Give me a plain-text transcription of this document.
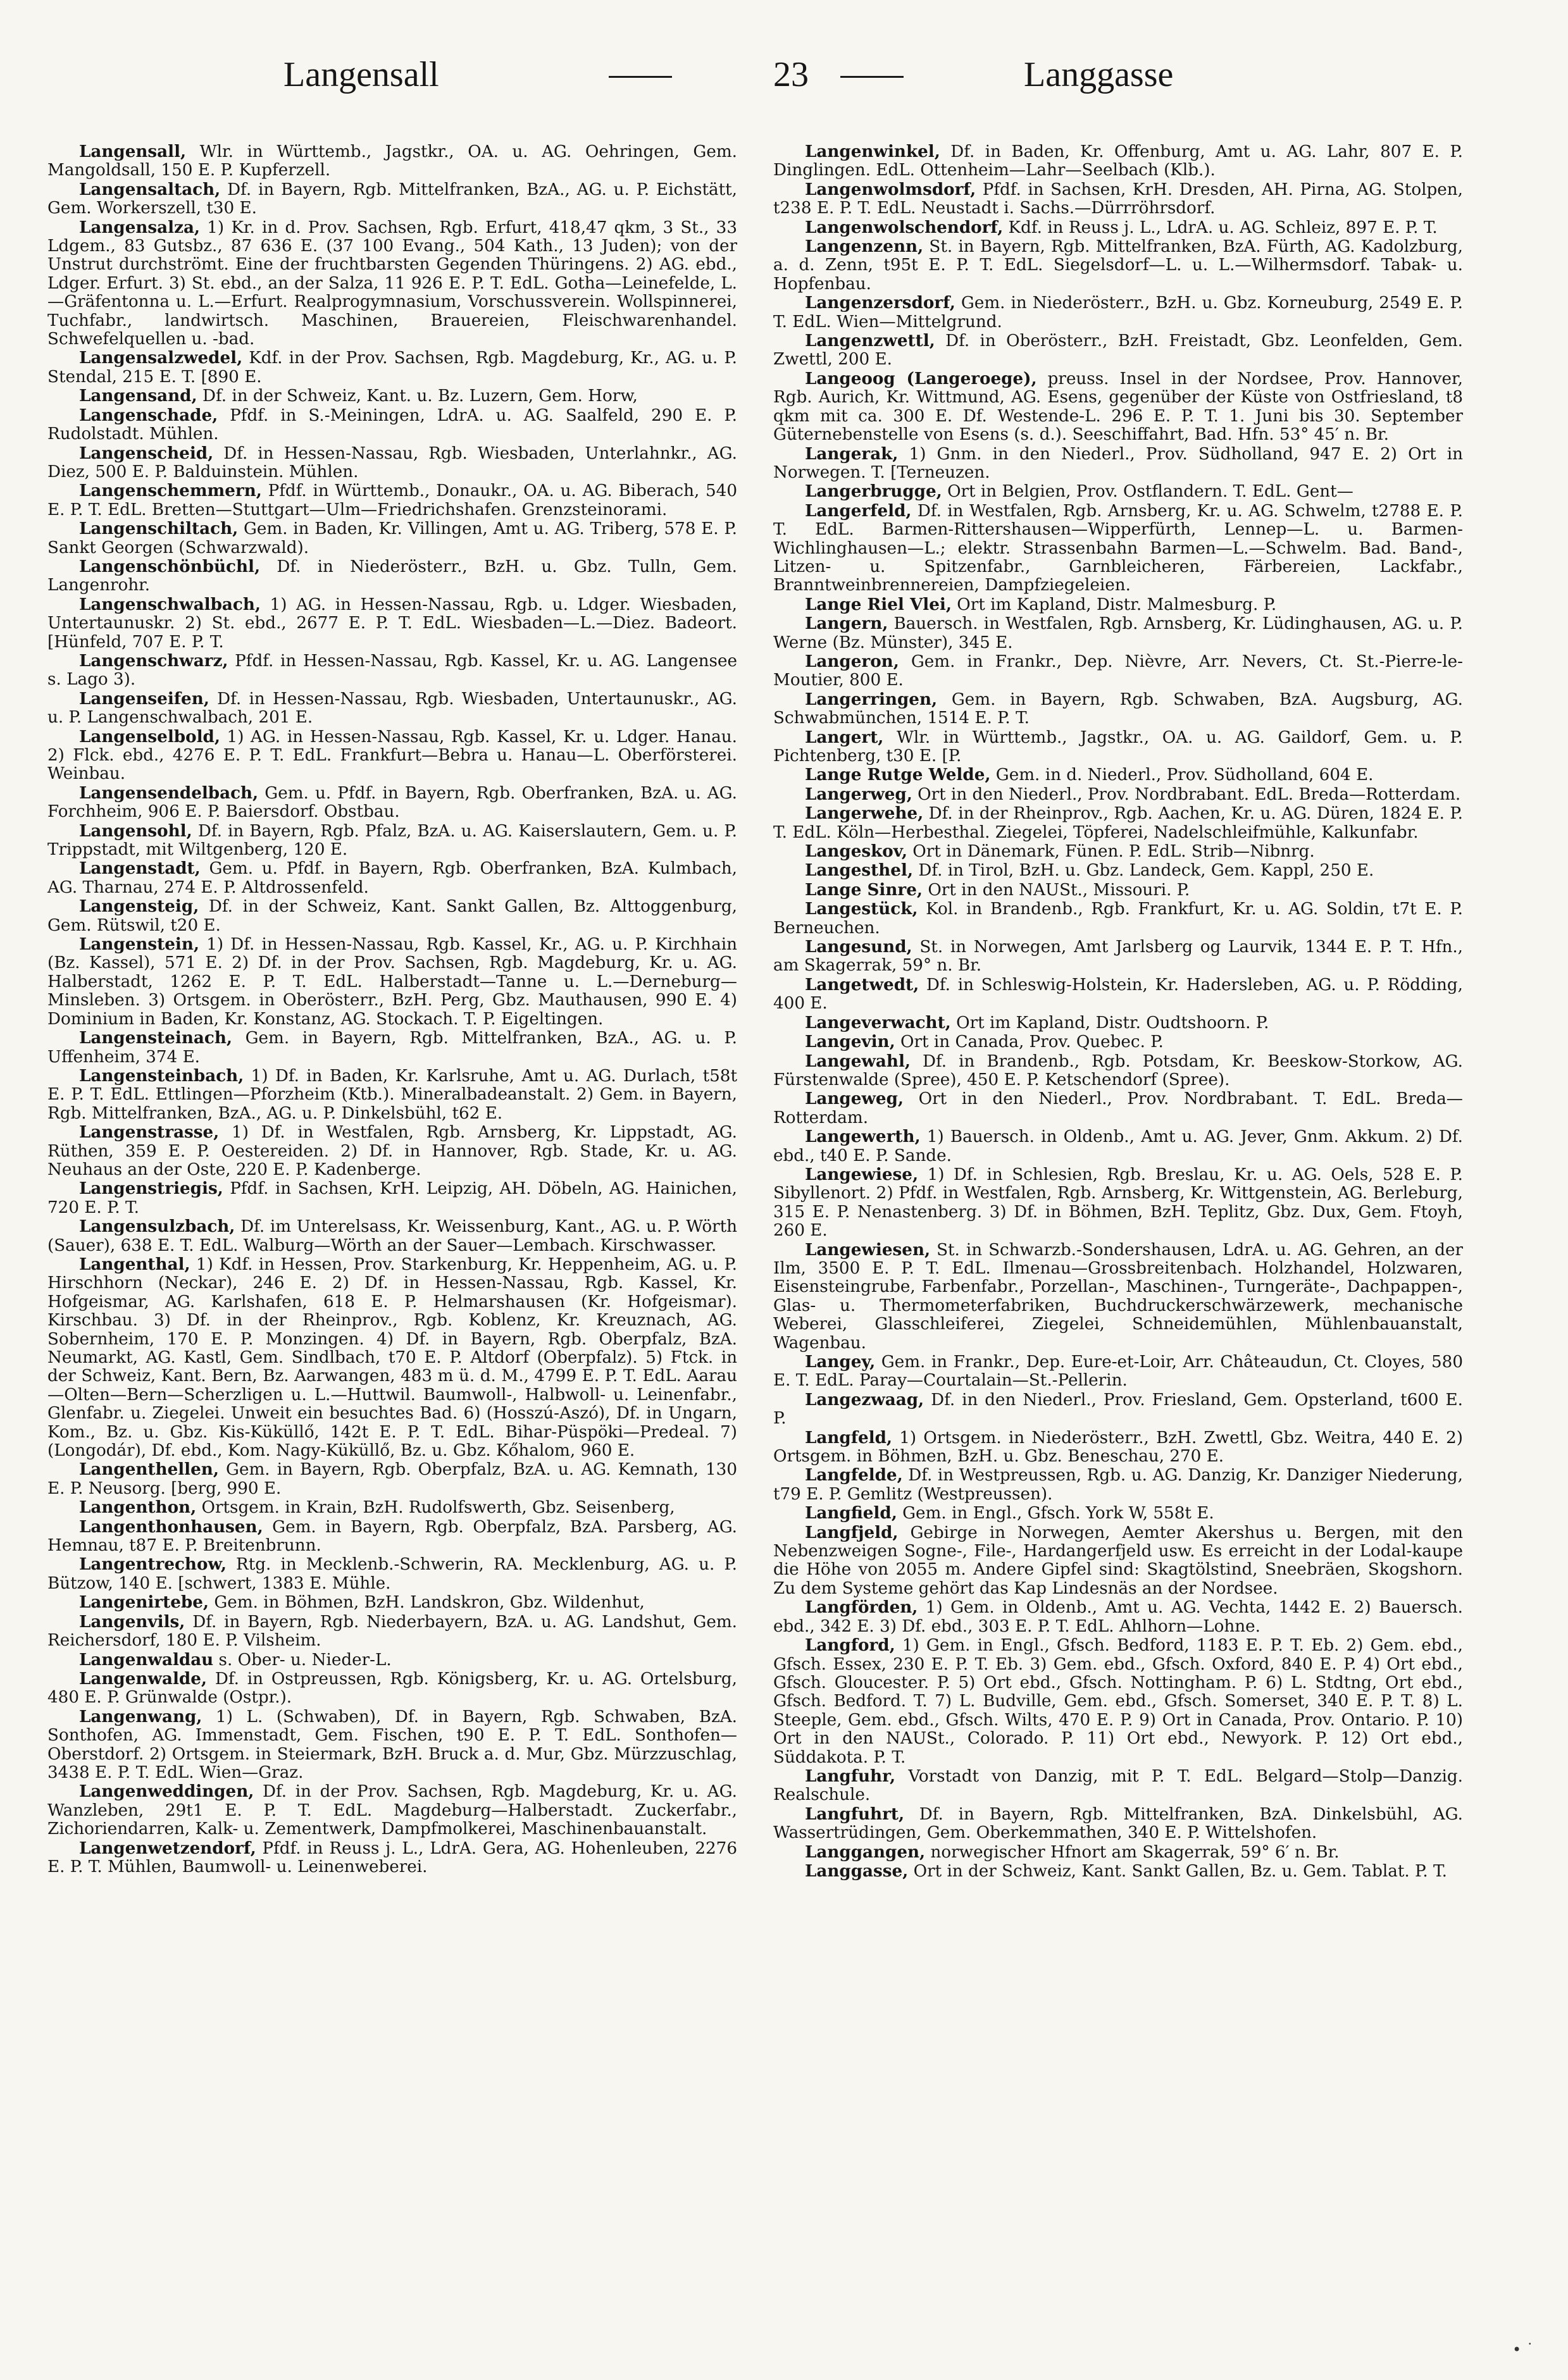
Langensall	23	Langgasse

Langensall, Wlr. in Württemb., Jagstkr., OA. u. AG. Oehringen, Gem. Mangoldsall, 150 E. P. Kupferzell.

Langensaltach, Df. in Bayern, Rgb. Mittelfranken, BzA., AG. u. P. Eichstätt, Gem. Workerszell, t30 E.

Langensalza, 1) Kr. in d. Prov. Sachsen, Rgb. Erfurt, 418,47 qkm, 3 St., 33 Ldgem., 83 Gutsbz., 87 636 E. (37 100 Evang., 504 Kath., 13 Juden); von der Unstrut durchströmt. Eine der fruchtbarsten Gegenden Thüringens. 2) AG. ebd., Ldger. Erfurt. 3) St. ebd., an der Salza, 11 926 E. P. T. EdL. Gotha—Leinefelde, L.—Gräfentonna u. L.—Erfurt. Realprogymnasium, Vorschussverein. Wollspinnerei, Tuchfabr., landwirtsch. Maschinen, Brauereien, Fleischwarenhandel. Schwefelquellen u. -bad.

Langensalzwedel, Kdf. in der Prov. Sachsen, Rgb. Magdeburg, Kr., AG. u. P. Stendal, 215 E. T. [890 E.

Langensand, Df. in der Schweiz, Kant. u. Bz. Luzern, Gem. Horw,

Langenschade, Pfdf. in S.-Meiningen, LdrA. u. AG. Saalfeld, 290 E. P. Rudolstadt. Mühlen.

Langenscheid, Df. in Hessen-Nassau, Rgb. Wiesbaden, Unterlahnkr., AG. Diez, 500 E. P. Balduinstein. Mühlen.

Langenschemmern, Pfdf. in Württemb., Donaukr., OA. u. AG. Biberach, 540 E. P. T. EdL. Bretten—Stuttgart—Ulm—Friedrichshafen. Grenzsteinorami.

Langenschiltach, Gem. in Baden, Kr. Villingen, Amt u. AG. Triberg, 578 E. P. Sankt Georgen (Schwarzwald).

Langenschönbüchl, Df. in Niederösterr., BzH. u. Gbz. Tulln, Gem. Langenrohr.

Langenschwalbach, 1) AG. in Hessen-Nassau, Rgb. u. Ldger. Wiesbaden, Untertaunuskr. 2) St. ebd., 2677 E. P. T. EdL. Wiesbaden—L.—Diez. Badeort. [Hünfeld, 707 E. P. T.

Langenschwarz, Pfdf. in Hessen-Nassau, Rgb. Kassel, Kr. u. AG. Langensee s. Lago 3).

Langenseifen, Df. in Hessen-Nassau, Rgb. Wiesbaden, Untertaunuskr., AG. u. P. Langenschwalbach, 201 E.

Langenselbold, 1) AG. in Hessen-Nassau, Rgb. Kassel, Kr. u. Ldger. Hanau. 2) Flck. ebd., 4276 E. P. T. EdL. Frankfurt—Bebra u. Hanau—L. Oberförsterei. Weinbau.

Langensendelbach, Gem. u. Pfdf. in Bayern, Rgb. Oberfranken, BzA. u. AG. Forchheim, 906 E. P. Baiersdorf. Obstbau.

Langensohl, Df. in Bayern, Rgb. Pfalz, BzA. u. AG. Kaiserslautern, Gem. u. P. Trippstadt, mit Wiltgenberg, 120 E.

Langenstadt, Gem. u. Pfdf. in Bayern, Rgb. Oberfranken, BzA. Kulmbach, AG. Tharnau, 274 E. P. Altdrossenfeld.

Langensteig, Df. in der Schweiz, Kant. Sankt Gallen, Bz. Alttoggenburg, Gem. Rütswil, t20 E.

Langenstein, 1) Df. in Hessen-Nassau, Rgb. Kassel, Kr., AG. u. P. Kirchhain (Bz. Kassel), 571 E. 2) Df. in der Prov. Sachsen, Rgb. Magdeburg, Kr. u. AG. Halberstadt, 1262 E. P. T. EdL. Halberstadt—Tanne u. L.—Derneburg—Minsleben. 3) Ortsgem. in Oberösterr., BzH. Perg, Gbz. Mauthausen, 990 E. 4) Dominium in Baden, Kr. Konstanz, AG. Stockach. T. P. Eigeltingen.

Langensteinach, Gem. in Bayern, Rgb. Mittelfranken, BzA., AG. u. P. Uffenheim, 374 E.

Langensteinbach, 1) Df. in Baden, Kr. Karlsruhe, Amt u. AG. Durlach, t58t E. P. T. EdL. Ettlingen—Pforzheim (Ktb.). Mineralbadeanstalt. 2) Gem. in Bayern, Rgb. Mittelfranken, BzA., AG. u. P. Dinkelsbühl, t62 E.

Langenstrasse, 1) Df. in Westfalen, Rgb. Arnsberg, Kr. Lippstadt, AG. Rüthen, 359 E. P. Oestereiden. 2) Df. in Hannover, Rgb. Stade, Kr. u. AG. Neuhaus an der Oste, 220 E. P. Kadenberge.

Langenstriegis, Pfdf. in Sachsen, KrH. Leipzig, AH. Döbeln, AG. Hainichen, 720 E. P. T.

Langensulzbach, Df. im Unterelsass, Kr. Weissenburg, Kant., AG. u. P. Wörth (Sauer), 638 E. T. EdL. Walburg—Wörth an der Sauer—Lembach. Kirschwasser.

Langenthal, 1) Kdf. in Hessen, Prov. Starkenburg, Kr. Heppenheim, AG. u. P. Hirschhorn (Neckar), 246 E. 2) Df. in Hessen-Nassau, Rgb. Kassel, Kr. Hofgeismar, AG. Karlshafen, 618 E. P. Helmarshausen (Kr. Hofgeismar). Kirschbau. 3) Df. in der Rheinprov., Rgb. Koblenz, Kr. Kreuznach, AG. Sobernheim, 170 E. P. Monzingen. 4) Df. in Bayern, Rgb. Oberpfalz, BzA. Neumarkt, AG. Kastl, Gem. Sindlbach, t70 E. P. Altdorf (Oberpfalz). 5) Ftck. in der Schweiz, Kant. Bern, Bz. Aarwangen, 483 m ü. d. M., 4799 E. P. T. EdL. Aarau—Olten—Bern—Scherzligen u. L.—Huttwil. Baumwoll-, Halbwoll- u. Leinenfabr., Glenfabr. u. Ziegelei. Unweit ein besuchtes Bad. 6) (Hosszú-Aszó), Df. in Ungarn, Kom., Bz. u. Gbz. Kis-Küküllő, 142t E. P. T. EdL. Bihar-Püspöki—Predeal. 7) (Longodár), Df. ebd., Kom. Nagy-Küküllő, Bz. u. Gbz. Kőhalom, 960 E.

Langenthellen, Gem. in Bayern, Rgb. Oberpfalz, BzA. u. AG. Kemnath, 130 E. P. Neusorg. [berg, 990 E.

Langenthon, Ortsgem. in Krain, BzH. Rudolfswerth, Gbz. Seisenberg,

Langenthonhausen, Gem. in Bayern, Rgb. Oberpfalz, BzA. Parsberg, AG. Hemnau, t87 E. P. Breitenbrunn.

Langentrechow, Rtg. in Mecklenb.-Schwerin, RA. Mecklenburg, AG. u. P. Bützow, 140 E. [schwert, 1383 E. Mühle.

Langenirtebe, Gem. in Böhmen, BzH. Landskron, Gbz. Wildenhut,

Langenvils, Df. in Bayern, Rgb. Niederbayern, BzA. u. AG. Landshut, Gem. Reichersdorf, 180 E. P. Vilsheim.

Langenwaldau s. Ober- u. Nieder-L.

Langenwalde, Df. in Ostpreussen, Rgb. Königsberg, Kr. u. AG. Ortelsburg, 480 E. P. Grünwalde (Ostpr.).

Langenwang, 1) L. (Schwaben), Df. in Bayern, Rgb. Schwaben, BzA. Sonthofen, AG. Immenstadt, Gem. Fischen, t90 E. P. T. EdL. Sonthofen—Oberstdorf. 2) Ortsgem. in Steiermark, BzH. Bruck a. d. Mur, Gbz. Mürzzuschlag, 3438 E. P. T. EdL. Wien—Graz.

Langenweddingen, Df. in der Prov. Sachsen, Rgb. Magdeburg, Kr. u. AG. Wanzleben, 29t1 E. P. T. EdL. Magdeburg—Halberstadt. Zuckerfabr., Zichoriendarren, Kalk- u. Zementwerk, Dampfmolkerei, Maschinenbauanstalt.

Langenwetzendorf, Pfdf. in Reuss j. L., LdrA. Gera, AG. Hohenleuben, 2276 E. P. T. Mühlen, Baumwoll- u. Leinenweberei.

Langenwinkel, Df. in Baden, Kr. Offenburg, Amt u. AG. Lahr, 807 E. P. Dinglingen. EdL. Ottenheim—Lahr—Seelbach (Klb.).

Langenwolmsdorf, Pfdf. in Sachsen, KrH. Dresden, AH. Pirna, AG. Stolpen, t238 E. P. T. EdL. Neustadt i. Sachs.—Dürrröhrsdorf.

Langenwolschendorf, Kdf. in Reuss j. L., LdrA. u. AG. Schleiz, 897 E. P. T.

Langenzenn, St. in Bayern, Rgb. Mittelfranken, BzA. Fürth, AG. Kadolzburg, a. d. Zenn, t95t E. P. T. EdL. Siegelsdorf—L. u. L.—Wilhermsdorf. Tabak- u. Hopfenbau.

Langenzersdorf, Gem. in Niederösterr., BzH. u. Gbz. Korneuburg, 2549 E. P. T. EdL. Wien—Mittelgrund.

Langenzwettl, Df. in Oberösterr., BzH. Freistadt, Gbz. Leonfelden, Gem. Zwettl, 200 E.

Langeoog (Langeroege), preuss. Insel in der Nordsee, Prov. Hannover, Rgb. Aurich, Kr. Wittmund, AG. Esens, gegenüber der Küste von Ostfriesland, t8 qkm mit ca. 300 E. Df. Westende-L. 296 E. P. T. 1. Juni bis 30. September Güternebenstelle von Esens (s. d.). Seeschiffahrt, Bad. Hfn. 53° 45′ n. Br.

Langerak, 1) Gnm. in den Niederl., Prov. Südholland, 947 E. 2) Ort in Norwegen. T. [Terneuzen.

Langerbrugge, Ort in Belgien, Prov. Ostflandern. T. EdL. Gent—

Langerfeld, Df. in Westfalen, Rgb. Arnsberg, Kr. u. AG. Schwelm, t2788 E. P. T. EdL. Barmen-Rittershausen—Wipperfürth, Lennep—L. u. Barmen-Wichlinghausen—L.; elektr. Strassenbahn Barmen—L.—Schwelm. Bad. Band-, Litzen- u. Spitzenfabr., Garnbleicheren, Färbereien, Lackfabr., Branntweinbrennereien, Dampfziegeleien.

Lange Riel Vlei, Ort im Kapland, Distr. Malmesburg. P.

Langern, Bauersch. in Westfalen, Rgb. Arnsberg, Kr. Lüdinghausen, AG. u. P. Werne (Bz. Münster), 345 E.

Langeron, Gem. in Frankr., Dep. Nièvre, Arr. Nevers, Ct. St.-Pierre-le-Moutier, 800 E.

Langerringen, Gem. in Bayern, Rgb. Schwaben, BzA. Augsburg, AG. Schwabmünchen, 1514 E. P. T.

Langert, Wlr. in Württemb., Jagstkr., OA. u. AG. Gaildorf, Gem. u. P. Pichtenberg, t30 E. [P.

Lange Rutge Welde, Gem. in d. Niederl., Prov. Südholland, 604 E.

Langerweg, Ort in den Niederl., Prov. Nordbrabant. EdL. Breda—Rotterdam.

Langerwehe, Df. in der Rheinprov., Rgb. Aachen, Kr. u. AG. Düren, 1824 E. P. T. EdL. Köln—Herbesthal. Ziegelei, Töpferei, Nadelschleifmühle, Kalkunfabr.

Langeskov, Ort in Dänemark, Fünen. P. EdL. Strib—Nibnrg.

Langesthel, Df. in Tirol, BzH. u. Gbz. Landeck, Gem. Kappl, 250 E.

Lange Sinre, Ort in den NAUSt., Missouri. P.

Langestück, Kol. in Brandenb., Rgb. Frankfurt, Kr. u. AG. Soldin, t7t E. P. Berneuchen.

Langesund, St. in Norwegen, Amt Jarlsberg og Laurvik, 1344 E. P. T. Hfn., am Skagerrak, 59° n. Br.

Langetwedt, Df. in Schleswig-Holstein, Kr. Hadersleben, AG. u. P. Rödding, 400 E.

Langeverwacht, Ort im Kapland, Distr. Oudtshoorn. P.

Langevin, Ort in Canada, Prov. Quebec. P.

Langewahl, Df. in Brandenb., Rgb. Potsdam, Kr. Beeskow-Storkow, AG. Fürstenwalde (Spree), 450 E. P. Ketschendorf (Spree).

Langeweg, Ort in den Niederl., Prov. Nordbrabant. T. EdL. Breda—Rotterdam.

Langewerth, 1) Bauersch. in Oldenb., Amt u. AG. Jever, Gnm. Akkum. 2) Df. ebd., t40 E. P. Sande.

Langewiese, 1) Df. in Schlesien, Rgb. Breslau, Kr. u. AG. Oels, 528 E. P. Sibyllenort. 2) Pfdf. in Westfalen, Rgb. Arnsberg, Kr. Wittgenstein, AG. Berleburg, 315 E. P. Nenastenberg. 3) Df. in Böhmen, BzH. Teplitz, Gbz. Dux, Gem. Ftoyh, 260 E.

Langewiesen, St. in Schwarzb.-Sondershausen, LdrA. u. AG. Gehren, an der Ilm, 3500 E. P. T. EdL. Ilmenau—Grossbreitenbach. Holzhandel, Holzwaren, Eisensteingrube, Farbenfabr., Porzellan-, Maschinen-, Turngeräte-, Dachpappen-, Glas- u. Thermometerfabriken, Buchdruckerschwärzewerk, mechanische Weberei, Glasschleiferei, Ziegelei, Schneidemühlen, Mühlenbauanstalt, Wagenbau.

Langey, Gem. in Frankr., Dep. Eure-et-Loir, Arr. Châteaudun, Ct. Cloyes, 580 E. T. EdL. Paray—Courtalain—St.-Pellerin.

Langezwaag, Df. in den Niederl., Prov. Friesland, Gem. Opsterland, t600 E. P.

Langfeld, 1) Ortsgem. in Niederösterr., BzH. Zwettl, Gbz. Weitra, 440 E. 2) Ortsgem. in Böhmen, BzH. u. Gbz. Beneschau, 270 E.

Langfelde, Df. in Westpreussen, Rgb. u. AG. Danzig, Kr. Danziger Niederung, t79 E. P. Gemlitz (Westpreussen).

Langfield, Gem. in Engl., Gfsch. York W, 558t E.

Langfjeld, Gebirge in Norwegen, Aemter Akershus u. Bergen, mit den Nebenzweigen Sogne-, File-, Hardangerfjeld usw. Es erreicht in der Lodal-kaupe die Höhe von 2055 m. Andere Gipfel sind: Skagtölstind, Sneebräen, Skogshorn. Zu dem Systeme gehört das Kap Lindesnäs an der Nordsee.

Langförden, 1) Gem. in Oldenb., Amt u. AG. Vechta, 1442 E. 2) Bauersch. ebd., 342 E. 3) Df. ebd., 303 E. P. T. EdL. Ahlhorn—Lohne.

Langford, 1) Gem. in Engl., Gfsch. Bedford, 1183 E. P. T. Eb. 2) Gem. ebd., Gfsch. Essex, 230 E. P. T. Eb. 3) Gem. ebd., Gfsch. Oxford, 840 E. P. 4) Ort ebd., Gfsch. Gloucester. P. 5) Ort ebd., Gfsch. Nottingham. P. 6) L. Stdtng, Ort ebd., Gfsch. Bedford. T. 7) L. Budville, Gem. ebd., Gfsch. Somerset, 340 E. P. T. 8) L. Steeple, Gem. ebd., Gfsch. Wilts, 470 E. P. 9) Ort in Canada, Prov. Ontario. P. 10) Ort in den NAUSt., Colorado. P. 11) Ort ebd., Newyork. P. 12) Ort ebd., Süddakota. P. T.

Langfuhr, Vorstadt von Danzig, mit P. T. EdL. Belgard—Stolp—Danzig. Realschule.

Langfuhrt, Df. in Bayern, Rgb. Mittelfranken, BzA. Dinkelsbühl, AG. Wassertrüdingen, Gem. Oberkemmathen, 340 E. P. Wittelshofen.

Langgangen, norwegischer Hfnort am Skagerrak, 59° 6′ n. Br.

Langgasse, Ort in der Schweiz, Kant. Sankt Gallen, Bz. u. Gem. Tablat. P. T.

• ˙
